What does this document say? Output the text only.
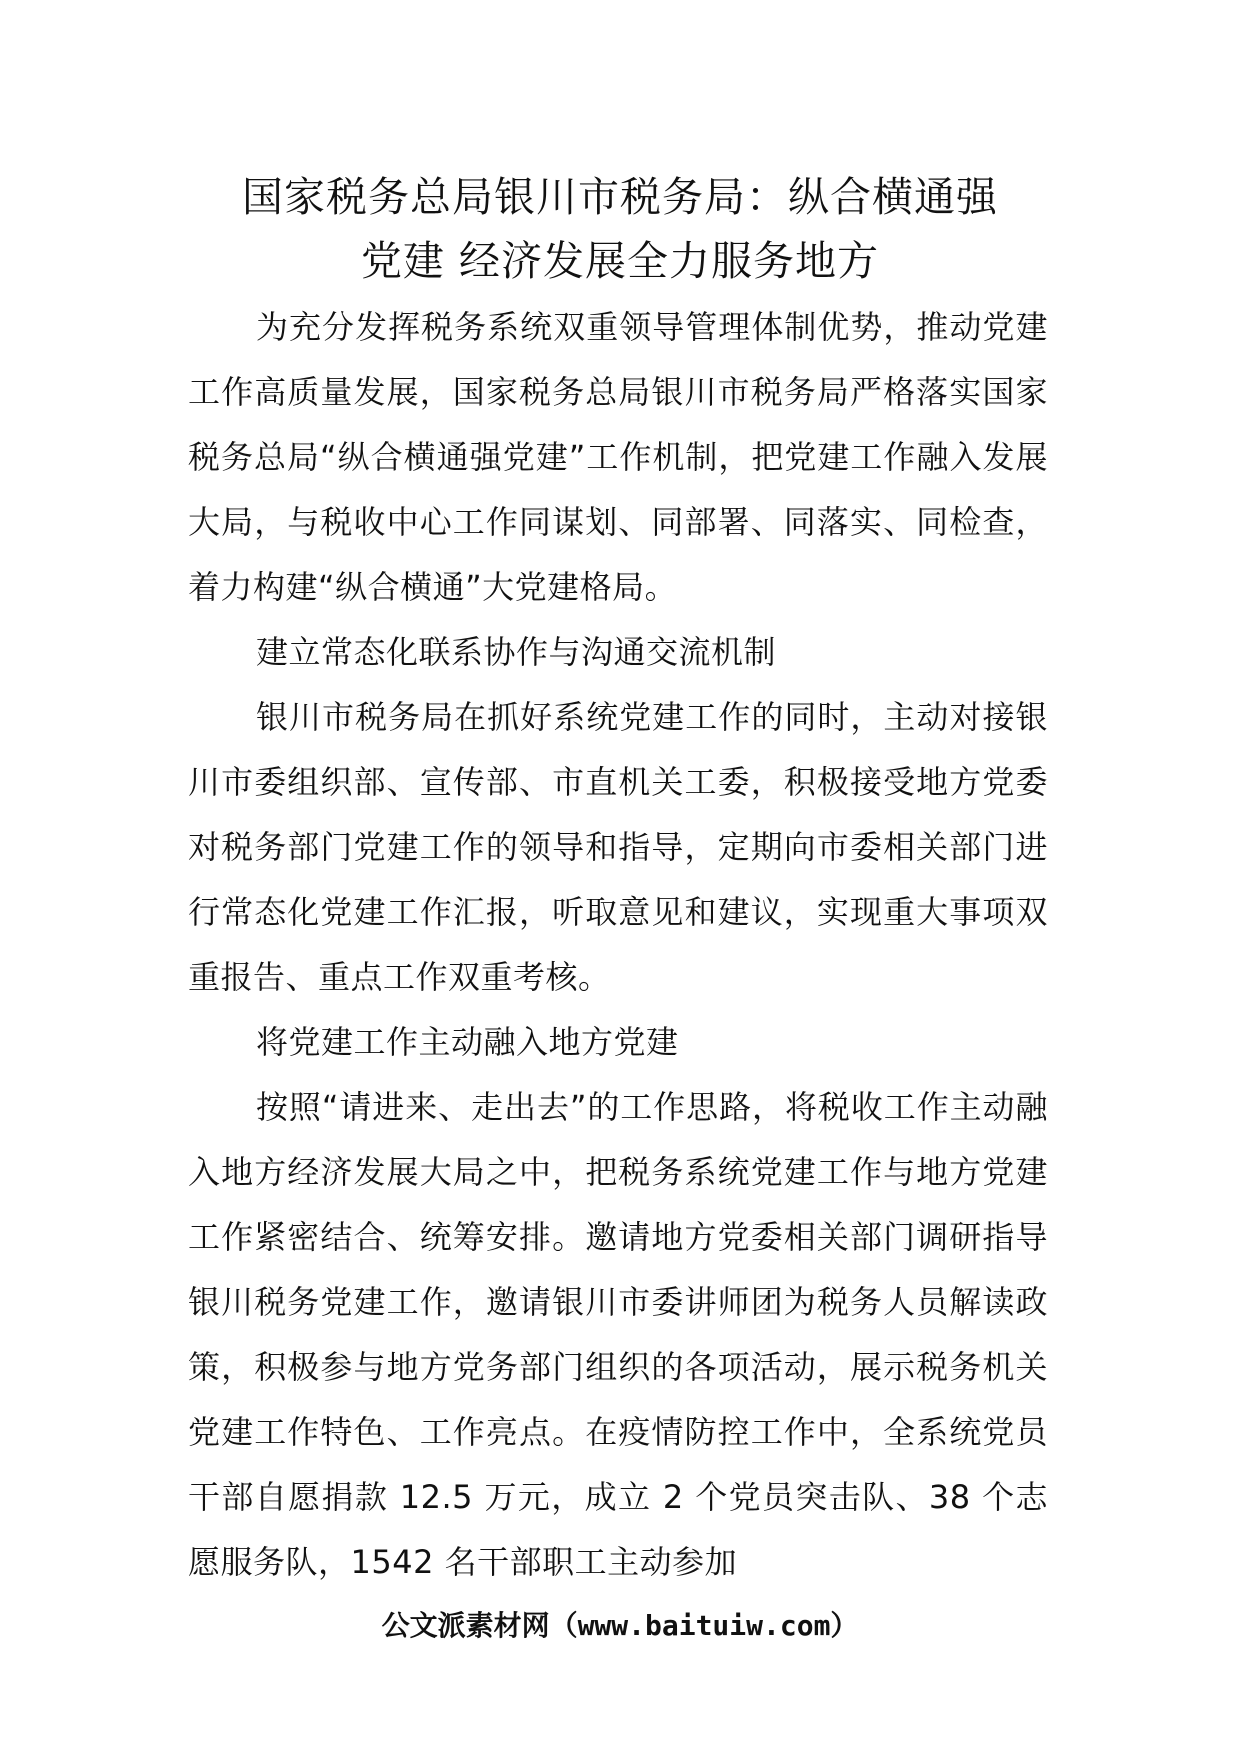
国家税务总局银川市税务局：纵合横通强
党建 经济发展全力服务地方

为充分发挥税务系统双重领导管理体制优势，推动党建工作高质量发展，国家税务总局银川市税务局严格落实国家税务总局“纵合横通强党建”工作机制，把党建工作融入发展大局，与税收中心工作同谋划、同部署、同落实、同检查，着力构建“纵合横通”大党建格局。

建立常态化联系协作与沟通交流机制

银川市税务局在抓好系统党建工作的同时，主动对接银川市委组织部、宣传部、市直机关工委，积极接受地方党委对税务部门党建工作的领导和指导，定期向市委相关部门进行常态化党建工作汇报，听取意见和建议，实现重大事项双重报告、重点工作双重考核。

将党建工作主动融入地方党建

按照“请进来、走出去”的工作思路，将税收工作主动融入地方经济发展大局之中，把税务系统党建工作与地方党建工作紧密结合、统筹安排。邀请地方党委相关部门调研指导银川税务党建工作，邀请银川市委讲师团为税务人员解读政策，积极参与地方党务部门组织的各项活动，展示税务机关党建工作特色、工作亮点。在疫情防控工作中，全系统党员干部自愿捐款 12.5 万元，成立 2 个党员突击队、38 个志愿服务队，1542 名干部职工主动参加

公文派素材网（www.baituiw.com）
